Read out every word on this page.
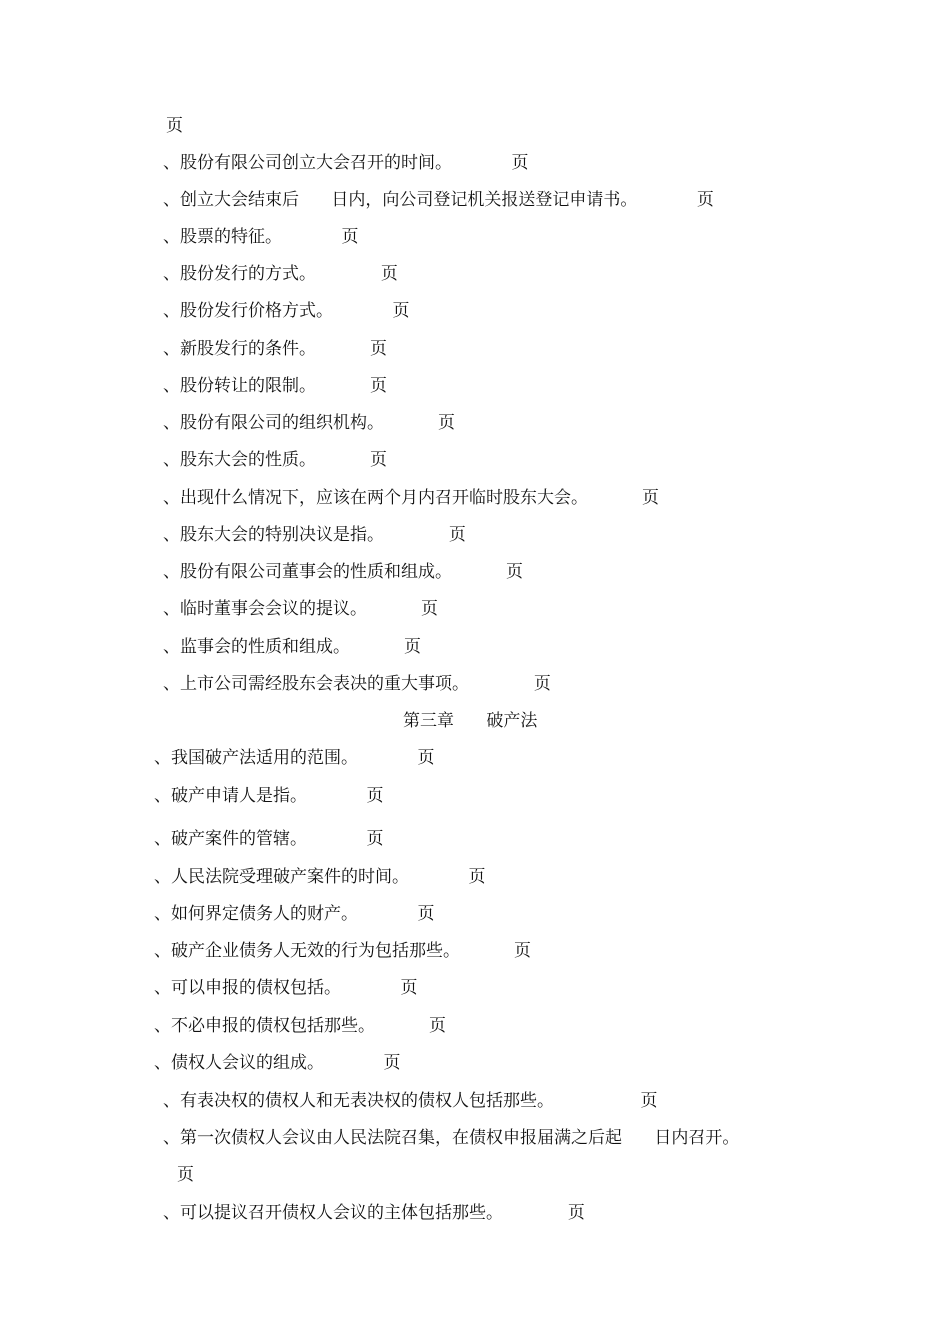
页
、股份有限公司创立大会召开的时间。           页
、创立大会结束后      日内，向公司登记机关报送登记申请书。           页
、股票的特征。           页
、股份发行的方式。            页
、股份发行价格方式。           页
、新股发行的条件。          页
、股份转让的限制。          页
、股份有限公司的组织机构。          页
、股东大会的性质。          页
、出现什么情况下，应该在两个月内召开临时股东大会。          页
、股东大会的特别决议是指。            页
、股份有限公司董事会的性质和组成。          页
、临时董事会会议的提议。          页
、监事会的性质和组成。          页
、上市公司需经股东会表决的重大事项。            页
第三章      破产法
、我国破产法适用的范围。           页
、破产申请人是指。           页
、破产案件的管辖。           页
、人民法院受理破产案件的时间。           页
、如何界定债务人的财产。           页
、破产企业债务人无效的行为包括那些。          页
、可以申报的债权包括。           页
、不必申报的债权包括那些。          页
、债权人会议的组成。           页
、有表决权的债权人和无表决权的债权人包括那些。                页
、第一次债权人会议由人民法院召集，在债权申报届满之后起      日内召开。
页
、可以提议召开债权人会议的主体包括那些。            页
